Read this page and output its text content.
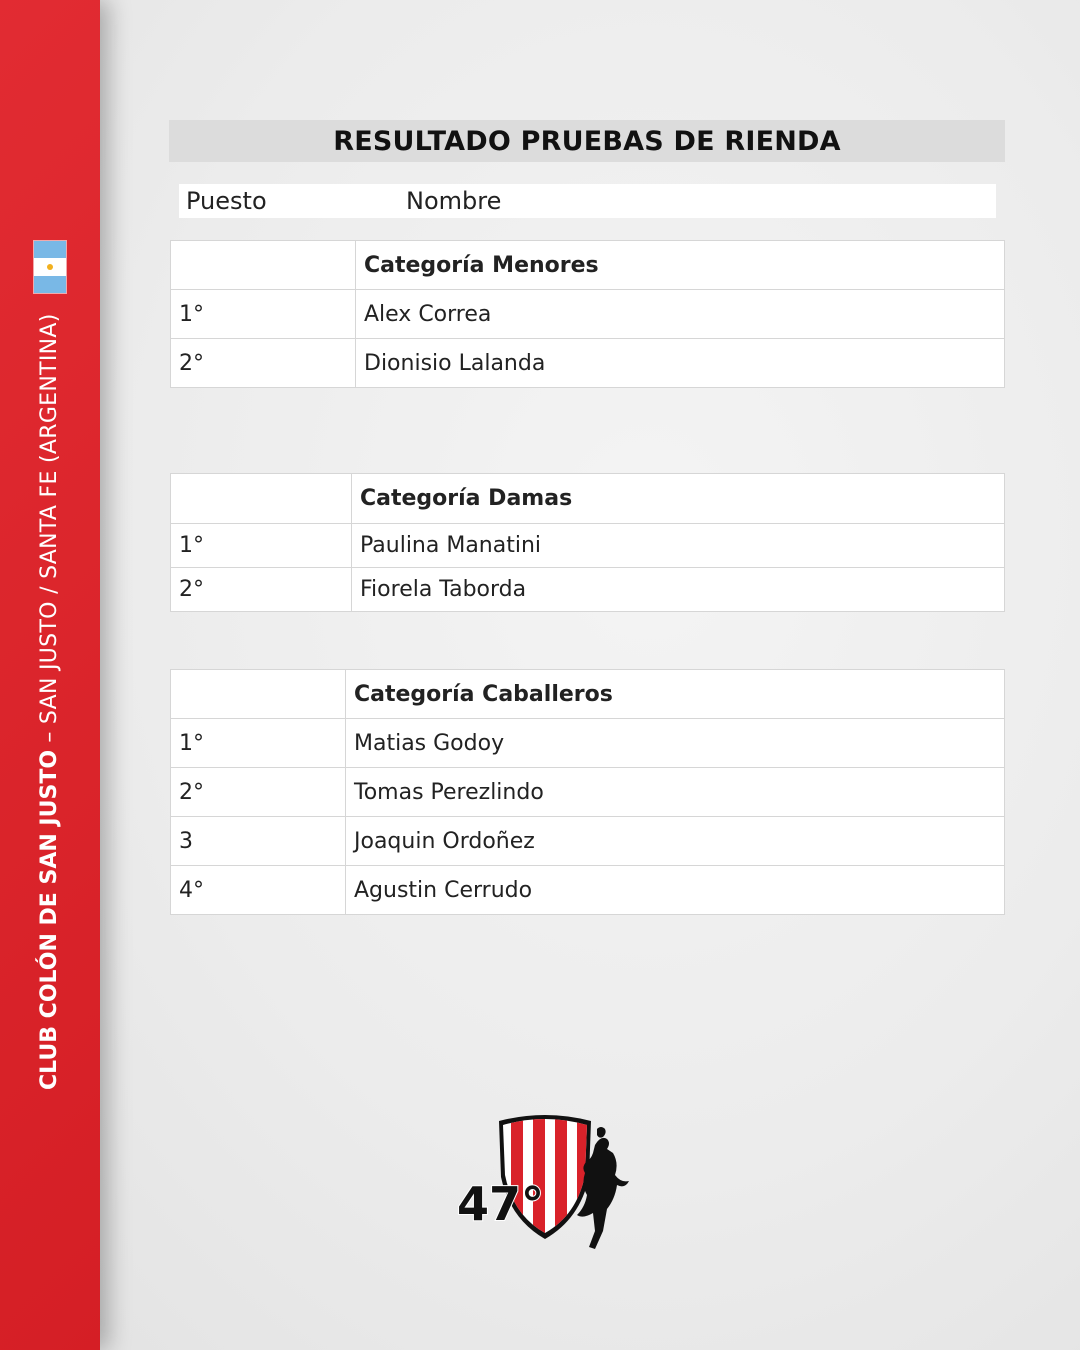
CLUB COLÓN DE SAN JUSTO – SAN JUSTO / SANTA FE (ARGENTINA)
RESULTADO PRUEBAS DE RIENDA
Puesto	Nombre
	Categoría Menores
1°	Alex Correa
2°	Dionisio Lalanda
	Categoría Damas
1°	Paulina Manatini
2°	Fiorela Taborda
	Categoría Caballeros
1°	Matias Godoy
2°	Tomas Perezlindo
3	Joaquin Ordoñez
4°	Agustin Cerrudo
47°
